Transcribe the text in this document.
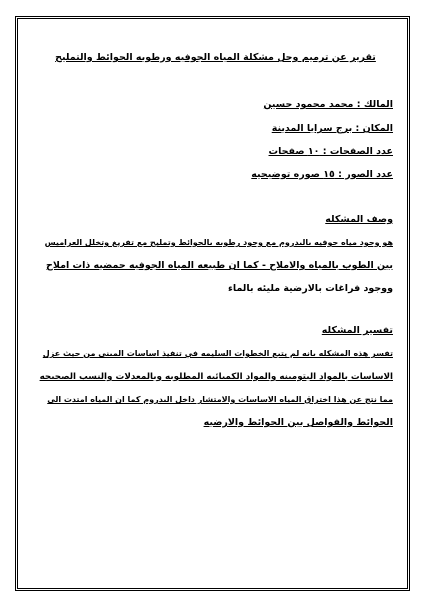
تقرير عن ترميم وحل مشكلة المياه الجوفيه ورطوبه الحوائط والتمليح
المالك : محمد محمود حسين
المكان : برج سرايا المدينة
عدد الصفحات : ١٠ صفحات
عدد الصور : ١٥ صوره توضيحيه
وصف المشكله
هو وجود مياه جوفيه بالبدروم مع وجود رطوبه بالحوائط وتمليح مع تفريغ وتخلل العراميس
بين الطوب بالمياه والاملاح - كما ان طبيعه المياه الجوفيه حمضيه ذات املاح
ووجود فراغات بالارضية مليئه بالماء
تفسير المشكله
تفسر هذه المشكله بانه لم يتبع الخطوات السليمه في تنفيذ اساسات المبنى من حيث عزل
الاساسات بالمواد البتومينه والمواد الكميائيه المطلوبه وبالمعدلات والنسب الصحيحه
مما نتج عن هذا اختراق المياه الاساسات والامتشار داخل البدروم كما ان المياه امتدت الى
الحوائط والفواصل بين الحوائط والارضيه
